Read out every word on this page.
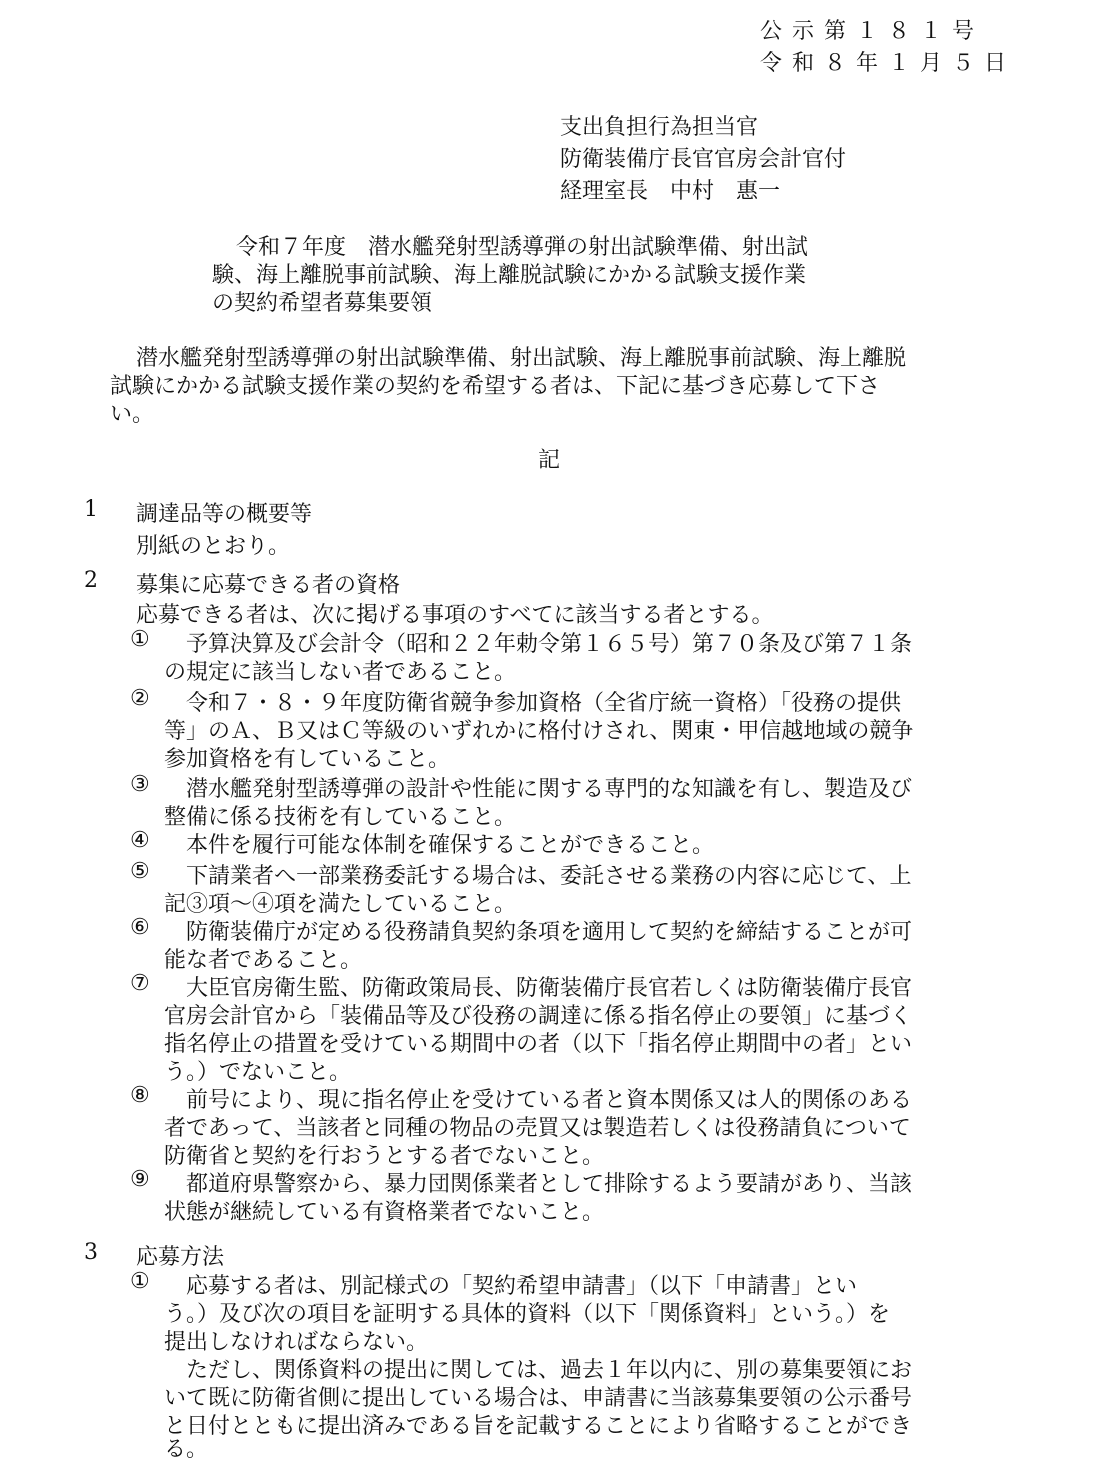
公示第１８１号
令和８年１月５日
支出負担行為担当官
防衛装備庁長官官房会計官付
経理室長　中村　惠一
令和７年度　潜水艦発射型誘導弾の射出試験準備、射出試
験、海上離脱事前試験、海上離脱試験にかかる試験支援作業
の契約希望者募集要領
潜水艦発射型誘導弾の射出試験準備、射出試験、海上離脱事前試験、海上離脱
試験にかかる試験支援作業の契約を希望する者は、下記に基づき応募して下さ
い。
記
1 調達品等の概要等
別紙のとおり。
2 募集に応募できる者の資格
応募できる者は、次に掲げる事項のすべてに該当する者とする。
① 予算決算及び会計令（昭和２２年勅令第１６５号）第７０条及び第７１条
の規定に該当しない者であること。
② 令和７・８・９年度防衛省競争参加資格（全省庁統一資格）「役務の提供
等」のＡ、Ｂ又はＣ等級のいずれかに格付けされ、関東・甲信越地域の競争
参加資格を有していること。
③ 潜水艦発射型誘導弾の設計や性能に関する専門的な知識を有し、製造及び
整備に係る技術を有していること。
④ 本件を履行可能な体制を確保することができること。
⑤ 下請業者へ一部業務委託する場合は、委託させる業務の内容に応じて、上
記③項～④項を満たしていること。
⑥ 防衛装備庁が定める役務請負契約条項を適用して契約を締結することが可
能な者であること。
⑦ 大臣官房衛生監、防衛政策局長、防衛装備庁長官若しくは防衛装備庁長官
官房会計官から「装備品等及び役務の調達に係る指名停止の要領」に基づく
指名停止の措置を受けている期間中の者（以下「指名停止期間中の者」とい
う。）でないこと。
⑧ 前号により、現に指名停止を受けている者と資本関係又は人的関係のある
者であって、当該者と同種の物品の売買又は製造若しくは役務請負について
防衛省と契約を行おうとする者でないこと。
⑨ 都道府県警察から、暴力団関係業者として排除するよう要請があり、当該
状態が継続している有資格業者でないこと。
3 応募方法
① 応募する者は、別記様式の「契約希望申請書」（以下「申請書」とい
う。）及び次の項目を証明する具体的資料（以下「関係資料」という。）を
提出しなければならない。
ただし、関係資料の提出に関しては、過去１年以内に、別の募集要領にお
いて既に防衛省側に提出している場合は、申請書に当該募集要領の公示番号
と日付とともに提出済みである旨を記載することにより省略することができ
る。
